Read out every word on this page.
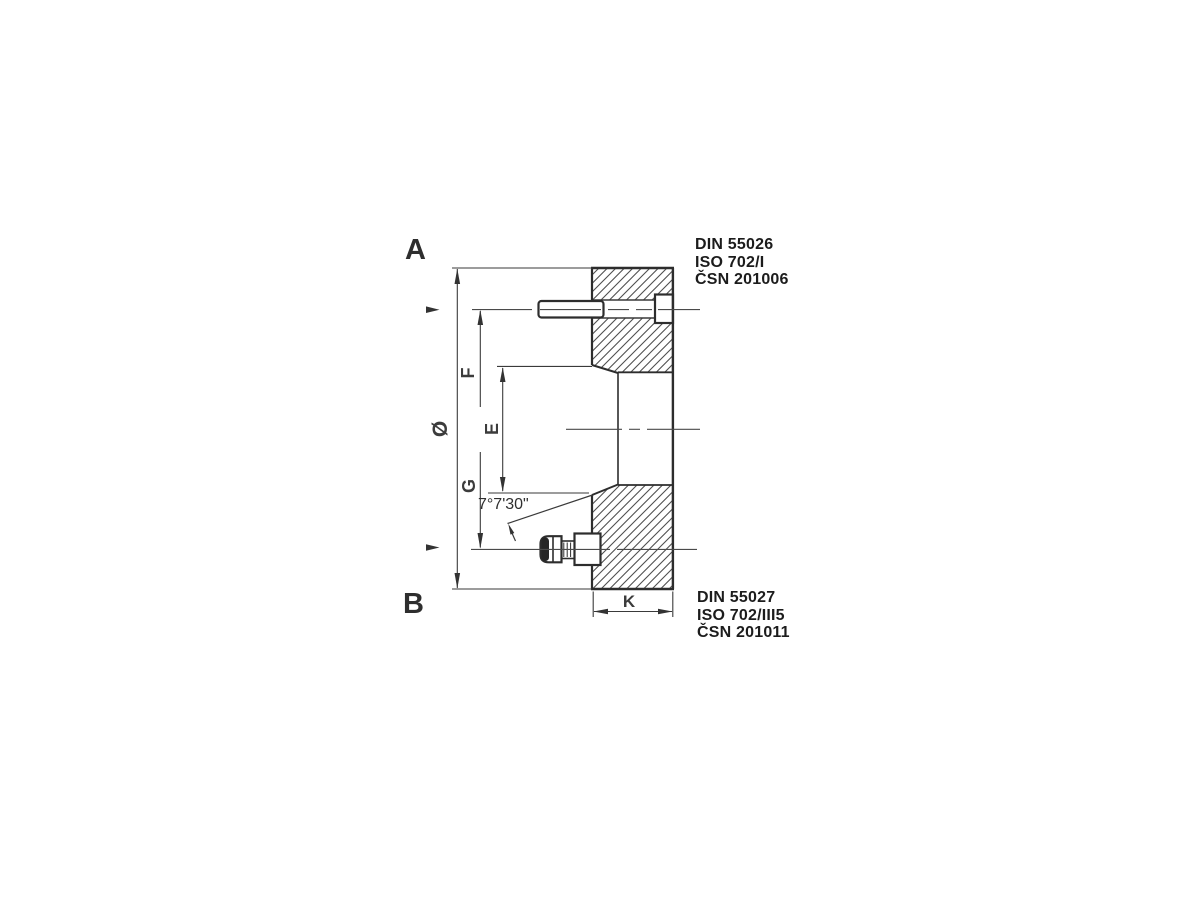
A
B
DIN 55026
ISO 702/I
ČSN 201006
DIN 55027
ISO 702/III5
ČSN 201011
Ø
F
E
G
K
7°7'30"
